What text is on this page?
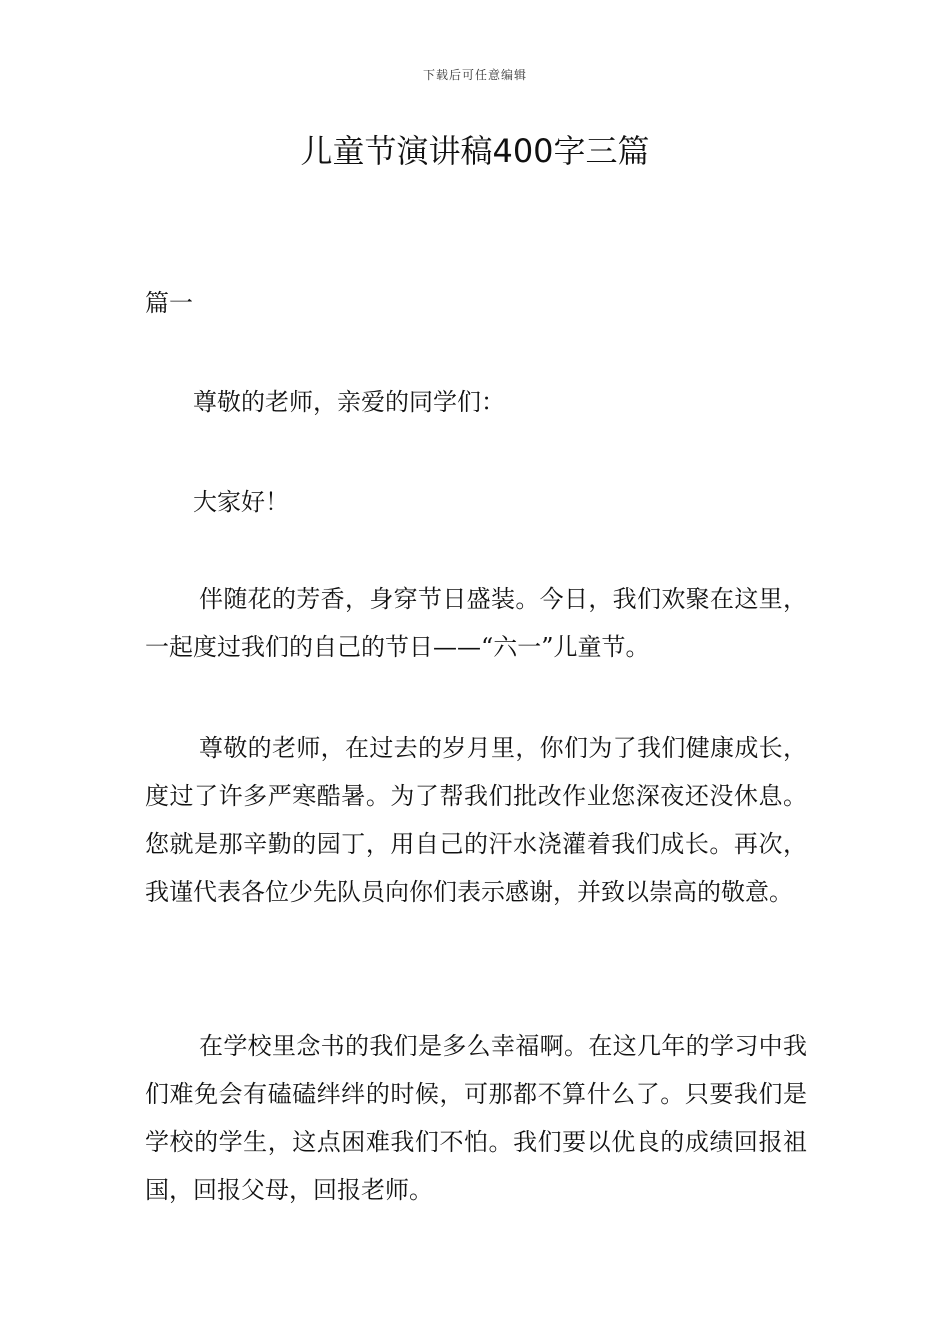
下载后可任意编辑
儿童节演讲稿400字三篇

篇一

尊敬的老师，亲爱的同学们：

大家好！

伴随花的芳香，身穿节日盛装。今日，我们欢聚在这里，一起度过我们的自己的节日——“六一”儿童节。

尊敬的老师，在过去的岁月里，你们为了我们健康成长，度过了许多严寒酷暑。为了帮我们批改作业您深夜还没休息。您就是那辛勤的园丁，用自己的汗水浇灌着我们成长。再次，我谨代表各位少先队员向你们表示感谢，并致以崇高的敬意。

在学校里念书的我们是多么幸福啊。在这几年的学习中我们难免会有磕磕绊绊的时候，可那都不算什么了。只要我们是学校的学生，这点困难我们不怕。我们要以优良的成绩回报祖国，回报父母，回报老师。
